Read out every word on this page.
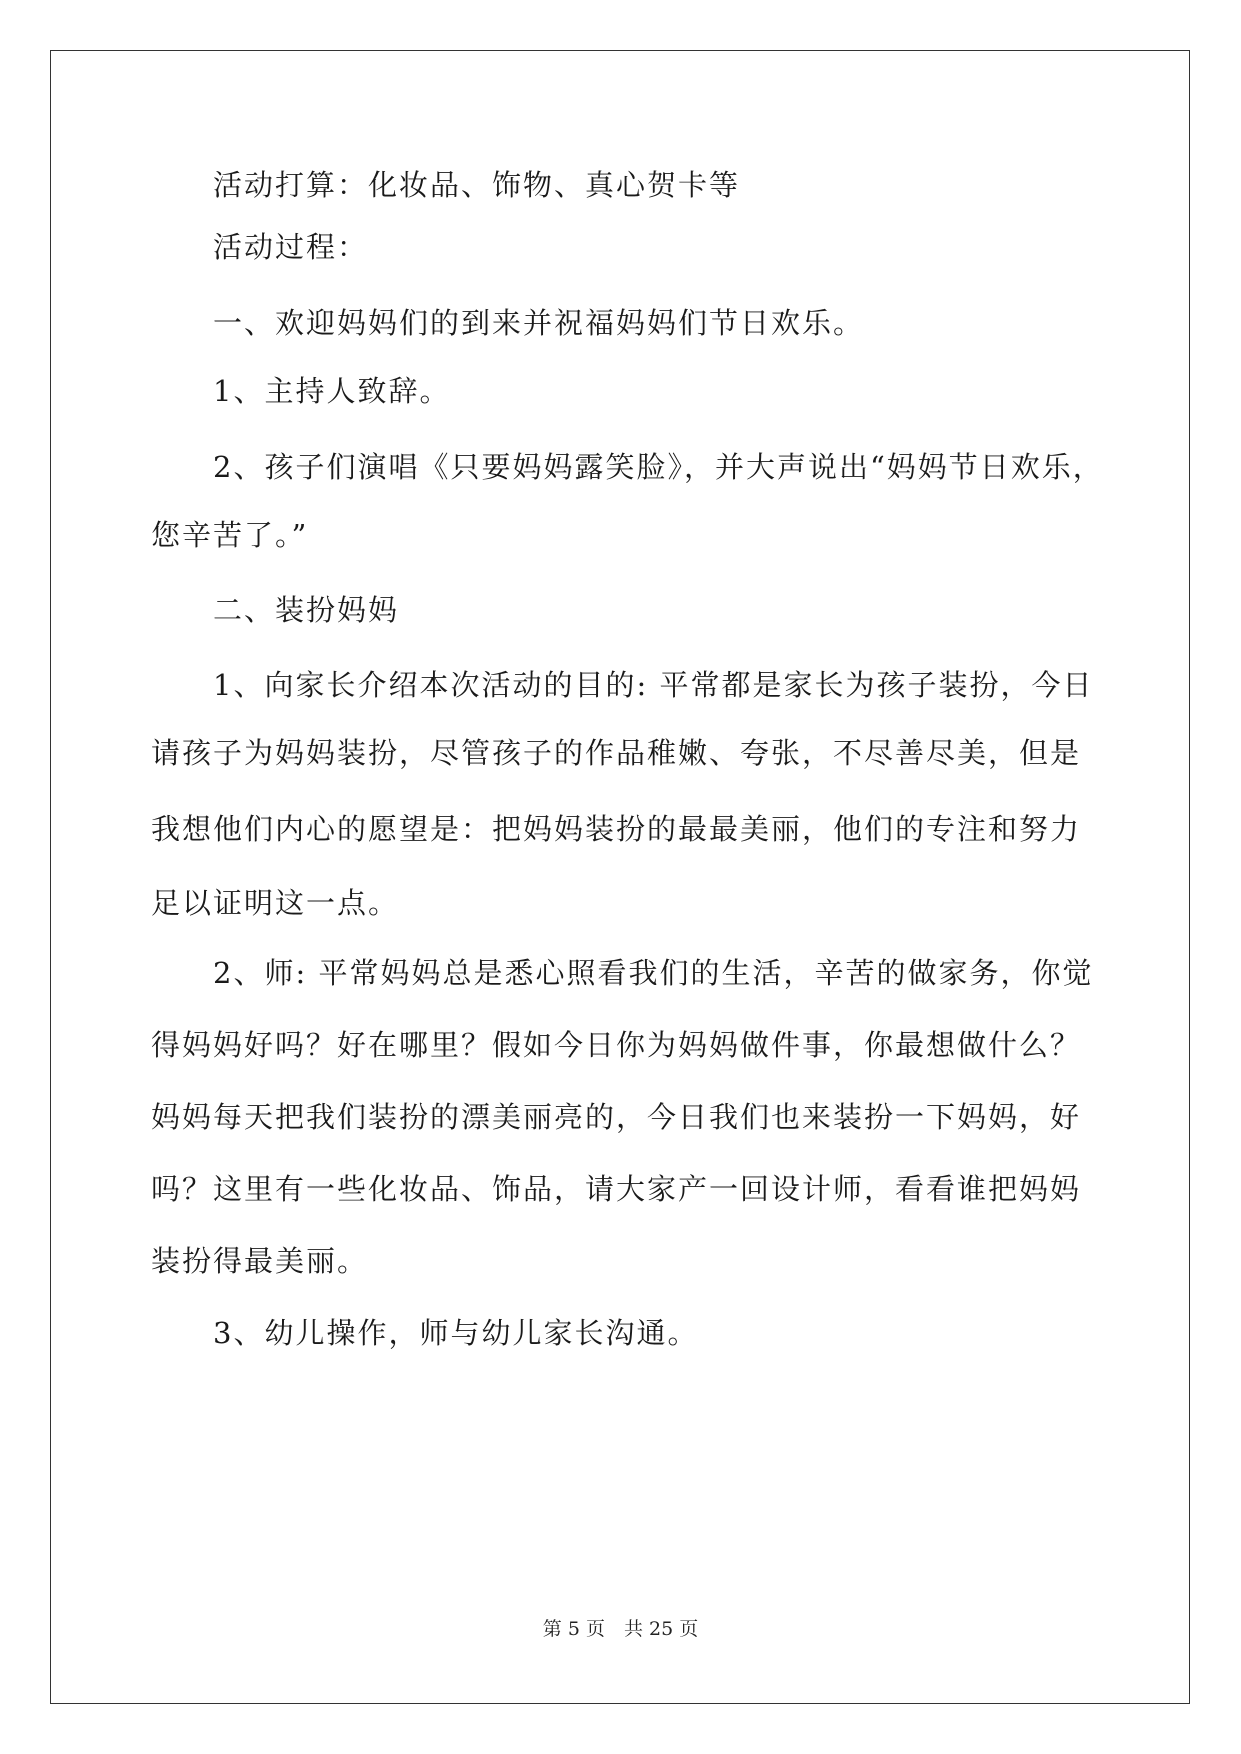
活动打算：化妆品、饰物、真心贺卡等
活动过程：
一、欢迎妈妈们的到来并祝福妈妈们节日欢乐。
1、主持人致辞。
2、孩子们演唱《只要妈妈露笑脸》，并大声说出“妈妈节日欢乐，
您辛苦了。”
二、装扮妈妈
1、向家长介绍本次活动的目的: 平常都是家长为孩子装扮，今日
请孩子为妈妈装扮，尽管孩子的作品稚嫩、夸张，不尽善尽美，但是
我想他们内心的愿望是：把妈妈装扮的最最美丽，他们的专注和努力
足以证明这一点。
2、师: 平常妈妈总是悉心照看我们的生活，辛苦的做家务，你觉
得妈妈好吗？好在哪里？假如今日你为妈妈做件事，你最想做什么？
妈妈每天把我们装扮的漂美丽亮的，今日我们也来装扮一下妈妈，好
吗？这里有一些化妆品、饰品，请大家产一回设计师，看看谁把妈妈
装扮得最美丽。
3、幼儿操作，师与幼儿家长沟通。
第 5 页　共 25 页
